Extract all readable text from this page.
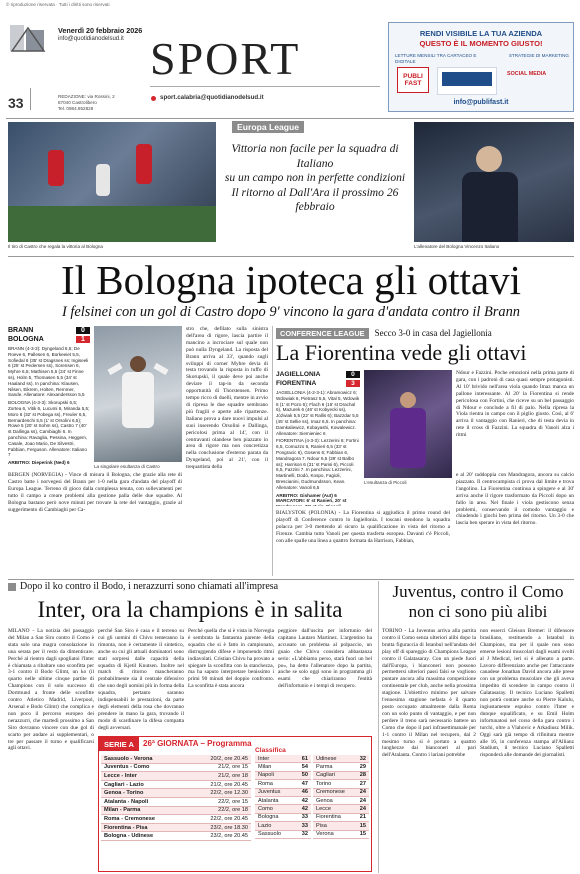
© riproduzione riservata · Tutti i diritti sono riservati
Venerdì 20 febbraio 2026
info@quotidianodelsud.it
33	REDAZIONE: via Rossini, 2
87040 Castrolibero
Tel. 0984.852828
SPORT
sport.calabria@quotidianodelsud.it
RENDI VISIBILE LA TUA AZIENDA
QUESTO È IL MOMENTO GIUSTO!
LETTURE MENSILI TRA CARTACEO E DIGITALE
STRATEGIE DI MARKETING
PUBLI FAST
SOCIAL MEDIA
info@publifast.it
Europa League
Il tiro di Castro che regala la vittoria al Bologna
Vittoria non facile per la squadra di Italiano
su un campo non in perfette condizioni
Il ritorno al Dall'Ara il prossimo 26 febbraio
L'allenatore del Bologna Vincenzo Italiano
Il Bologna ipoteca gli ottavi
I felsinei con un gol di Castro dopo 9' vincono la gara d'andata contro il Brann
BRANN	0
BOLOGNA	1
BRANN (4-3-3): Dyngeland 6,5; De Roeve 6, Pallesen 6, Borkeeiet 5,5, Sofiedal 6 (35' st Dragsnes ss; Ingiseeli 6 (25' st Pedersen ss), Sorensen 6, Myhre 6,5; Mathisen 5,5 (24' st Finne ss), Holm 5, Thomasen 5,5 (34' st Haaland ss). In panchina: Klausen, Nilsen, Eikrem, Holten, Remmer, Sande. Allenatore: Alexandersson 5,5
BOLOGNA (4-3-3): Skorupski 6,5; Zortea 6, Vitik 6, Lucumi 6, Miranda 5,5; Moro 6 (32' st Pobega ss), Freuler 6,5, Bernardeschi 5,5 (1' st Orsolini 6,5); Rowe 5 (20' st Sohm ss), Castro 7 (40' st Dallinga ss), Cambiaghi 6. In panchina: Ravaglia, Pessina, Heggem, Casale, Joao Mario, De Silvestri, Fabbian, Ferguson. Allenatore: Italiano 7
ARBITRO: Dieperink (Ned) 6
La singolare esultanza di Castro
BERGEN (NORVEGIA) - Vince di misura il Bologna, che grazie alla rete di Castro batte i norvegesi del Brann per 1-0 nella gara d'andata del playoff di Europa League. Terreno di gioco dalla complessa tenuta, con sollevamenti per tutto il campo a creare problemi alla gestione palla delle due squadre. Al Bologna bastano però nove minuti per trovare la rete del vantaggio, grazie al suggerimento di Cambiaghi per Ca-
stro che, defilato sulla sinistra dell'area di rigore, lascia partire il mancino a incrociare sul quale non può nulla Dyngeland. La risposta del Brann arriva al 33', quando sugli sviluppi di corner Myhre devia di testa trovando la risposta in tuffo di Skorupski, il quale deve poi anche deviare il tap-in da seconda opportunità di Thorstensen. Primo tempo ricco di duelli, mentre in avvio di ripresa le due squadre sembrano più fragili e aperte alle ripartenze. Italiano prova a dare nuovi impulsi al suoi inserendo Orsolini e Dallinga, pericolosi prima al 14', con il centravanti olandese ben piazzato in area di rigore ma non concretizza nella conclusione d'esterno parata da Dyngeland, poi al 21', con il trequartista della
CONFERENCE LEAGUE	Secco 3-0 in casa del Jagiellonia
La Fiorentina vede gli ottavi
JAGIELLONIA	0
FIORENTINA	3
JAGIELLONIA (4-2-3-1): Abramowicz 6; Wdowiak 6, Pietrasz 5,5, Vital 5, Wdowik 6 (1' st Pozo 6); Flach 6 (15' st Drachal 6), Mazurek 6 (46' st Kobyecki ss), Jóźwiak 5,5 (22' st Rallis 6); Bazzdar 5,5 (45' st Sellie ss), Imaz 6,5. In panchina: Damkaliewicz, Kobayashi, Kowalewicz. Allenatore: Siemieniec 6
FIORENTINA (4-3-3): Lezzerini 6; Fortini 6,5, Comuzzo 6, Ranieri 6,5 (33' st Pongracic 6), Gosens 6; Fabbian 6, Mandragora 7, Ndour 6,5 (39' st Balbo ss); Harrison 6 (31' st Parisi 6), Piccoli 6,5, Fazzini 7. In panchina: Lezzerini, Martinelli, Dodò, Kospo, Fagioli, Brescianini, Gudmundsson, Kean. Allenatore: Vanoli 6,5
ARBITRO: Gishamer (Aut) 6
MARCATORI: 6' st Ranieri, 20' st
L'esultanza di Piccoli
BIALYSTOK (POLONIA) - La Fiorentina si aggiudica il primo round del playoff di Conference contro lo Jagiellonia. I toscani stendono la squadra polacca per 3-0 mettendo al sicuro la qualificazione in vista del ritorno a Firenze. Cambia tutto Vanoli per questa trasferta europea. Davanti c'è Piccoli, con alle spalle una linea a quattro formata da Harrison, Fabbian,
Ndour e Fazzini. Poche emozioni nella prima parte di gara, con i padroni di casa quasi sempre protagonisti. Al 10' brivido nell'area viola quando Imaz manca un pallone interessante. Al 20' la Fiorentina si rende pericolosa con Fortini, che riceve su un bel passaggio di Ndour e conclude a fil di palo. Nella ripresa la Viola rientra in campo con il piglio giusto. Così, al 6' arriva il vantaggio con Ranieri, che di testa devia in rete il cross di Fazzini. La squadra di Vanoli alza i ritmi
e al 20' raddoppia con Mandragora, ancora su calcio piazzato. Il centrocampista ci prova dal limite e trova l'angolino. La Fiorentina continua a spingere e al 30' arriva anche il rigore trasformato da Piccoli dopo un fallo in area. Nel finale i viola gestiscono senza problemi, conservando il comodo vantaggio e chiudendo i giochi ben prima del ritorno. Un 3-0 che lascia ben sperare in vista del ritorno.
Dopo il ko contro il Bodo, i nerazzurri sono chiamati all'impresa
Inter, ora la champions è in salita
MILANO - La notizia del passaggio del Milan a San Siro contro il Como è stata solo una magra consolazione in una serata per il resto da dimenticare. Perché al rientro dagli spogliatoi l'Inter è chiamata a ribaltare uno sconfitta per 3-1 contro il Bodo Glimt, un ko (il quarto nelle ultime cinque partite di Champions con il solo successo di Dortmund a fronte delle sconfitte contro Atletico Madrid, Liverpool, Arsenal e Bodo Glimt) che complica e non poco il percorso europeo dei nerazzurri, che martedì prossimo a San Siro dovranno vincere con due gol di scarto per andare ai supplementari, o tre per passare il turno e qualificarsi agli ottavi.
perché San Siro è casa e il terreno su cui gli uomini di Chivu tenteranno la rimonta, non è certamente il sintetico, anche su cui gli attuali dominatori sono stati sorpresi dalle capacità della squadra di Kjetil Knutsen. Inoltre nel match di ritorno mancheranno probabilmente sia il centrale difensivo che uno degli uomini più in forma della squadra, pertanto saranno indispensabili le prestazioni, da parte degli elementi della rosa che dovranno prendere in mano la gara, trovando il modo di scardinare la difesa compatta degli avversari.
Perché quella che si è vista in Norvegia è sembrata la fantasma parente della squadra che si è fatto in campionato, distruggendo difese e imponendo ritmi indiavolati. Cristian Chivu ha provato a spiegare la sconfitta con la stanchezza, ma ha saputo interpretare benissimo i primi 90 minuti del doppio confronto. La sconfitta è stata ancora
peggiore dall'uscita per infortunio del capitano Lautaro Martinez. L'argentino ha accusato un problema al polpaccio, un guaio che Chivu considera abbastanza serio: «L'abbiamo perso, starà fuori un bel po», ha detto l'allenatore dopo la partita, anche se solo oggi sono in programma gli esami che chiariranno l'entità dell'infortunio e i tempi di recupero.
SERIE A	26ª GIORNATA – Programma
Sassuolo - Verona	20/2, ore 20.45
Juventus - Como	21/2, ore 15
Lecce - Inter	21/2, ore 18
Cagliari - Lazio	21/2, ore 20.45
Genoa - Torino	22/2, ore 12.30
Atalanta - Napoli	22/2, ore 15
Milan - Parma	22/2, ore 18
Roma - Cremonese	22/2, ore 20.45
Fiorentina - Pisa	23/2, ore 18.30
Bologna - Udinese	23/2, ore 20.45
Classifica
Inter	61
Milan	54
Napoli	50
Roma	47
Juventus	46
Atalanta	42
Como	42
Bologna	33
Lazio	33
Sassuolo	32
Udinese	32
Parma	29
Cagliari	28
Torino	27
Cremonese	24
Genoa	24
Lecce	24
Fiorentina	21
Pisa	15
Verona	15
Juventus, contro il Como
non ci sono più alibi
TORINO - La Juventus arriva alla partita contro il Como senza ulteriori alibi dopo la brutta figuraccia di Istanbul nell'andata del play off di spareggio di Champions League contro il Galatasaray. Con un piede fuori dall'Europa, i bianconeri non possono permettersi ulteriori passi falsi se vogliono puntare ancora alla massima competizione continentale per club, anche nella prossima stagione. L'obiettivo minimo per salvare l'ennesima stagione nefasta è il quarto posto occupato attualmente dalla Roma con un solo punto di vantaggio, e per non perdere il treno sarà necessario battere un Como che dopo il pari infrasettimanale per 1-1 contro il Milan nel recupero, dal 2 mesimo turno si è portato a quattro lunghezze dai bianconeri al pari dell'Atalanta. Contro i lariani potrebbe
non esserci Gleison Bremer: il difensore brasiliano, restituendo a Istanbul in Champions, ma per il quale non sono emerse lesioni muscolari dagli esami svolti al J Medical, ieri si è allenato a parte. Lavoro differenziato anche per l'attaccante canadese Jonathan David ancora alle prese con un problema muscolare che gli aveva impedito di scendere in campo contro il Galatasaray. Il tecnico Luciano Spalletti non potrà contare anche su Pierre Kalulu, ingiustamente espulso contro l'Inter e dunque squalificato, e su Emil Holm infortunatosi nel corso della gara contro i turchi, oltre a Vlahovic e Arkadiusz Milik. Oggi sarà già tempo di rifinitura mentre alle 16, in conferenza stampa all'Allianz Stadium, il tecnico Luciano Spalletti risponderà alle domande dei giornalisti.
